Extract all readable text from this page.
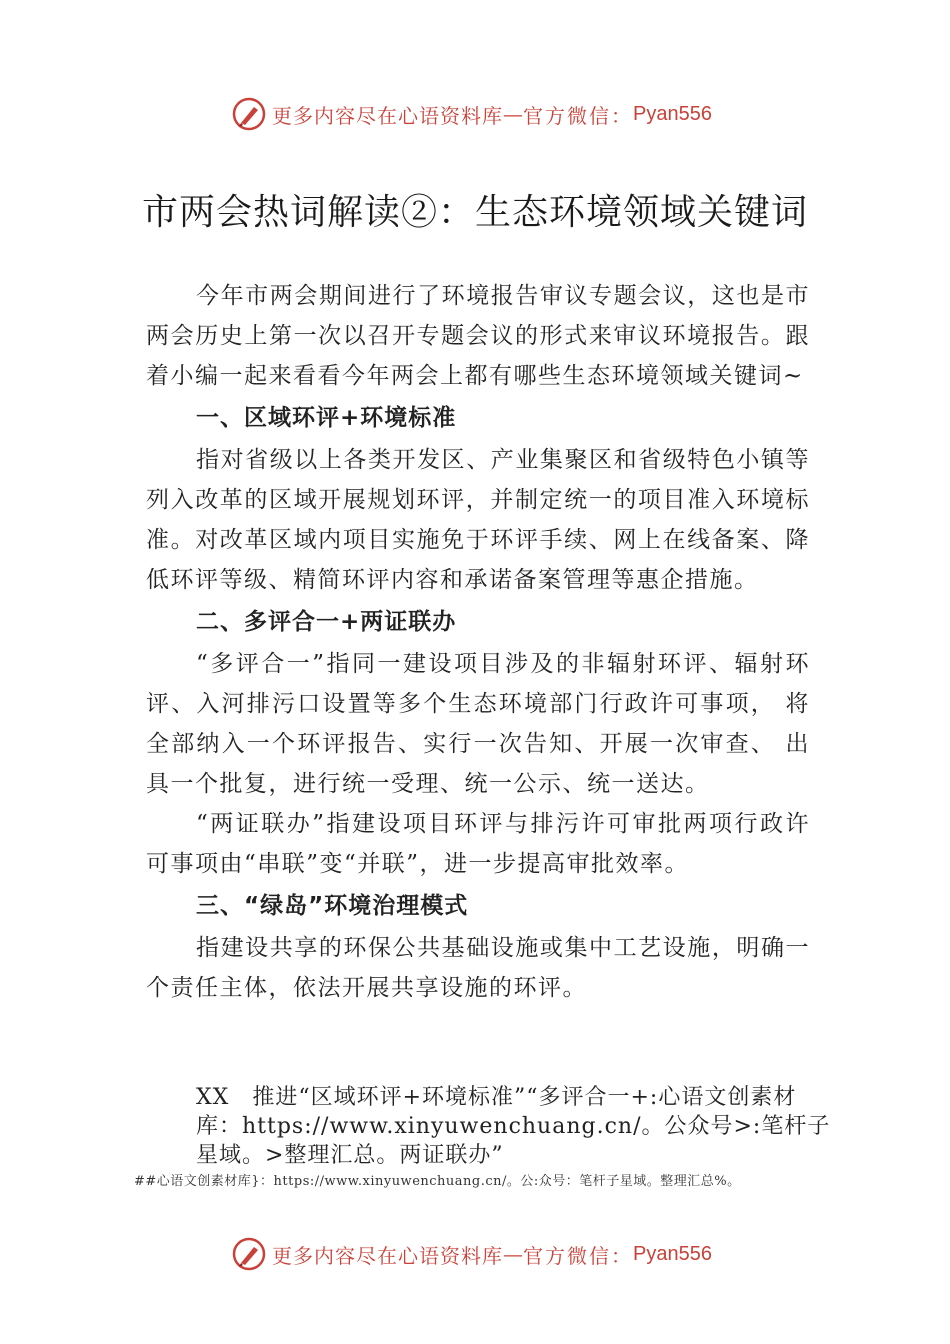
更多内容尽在心语资料库 — 官方微信： Pyan556
市两会热词解读②：生态环境领域关键词

今年市两会期间进行了环境报告审议专题会议，这也是市两会历史上第一次以召开专题会议的形式来审议环境报告。跟着小编一起来看看今年两会上都有哪些生态环境领域关键词~

一、区域环评+环境标准

指对省级以上各类开发区、产业集聚区和省级特色小镇等列入改革的区域开展规划环评，并制定统一的项目准入环境标准。对改革区域内项目实施免于环评手续、网上在线备案、降低环评等级、精简环评内容和承诺备案管理等惠企措施。

二、多评合一+两证联办

“多评合一”指同一建设项目涉及的非辐射环评、辐射环评、入河排污口设置等多个生态环境部门行政许可事项， 将全部纳入一个环评报告、实行一次告知、开展一次审查、 出具一个批复，进行统一受理、统一公示、统一送达。

“两证联办”指建设项目环评与排污许可审批两项行政许可事项由“串联”变“并联”，进一步提高审批效率。

三、“绿岛”环境治理模式

指建设共享的环保公共基础设施或集中工艺设施，明确一个责任主体，依法开展共享设施的环评。

XX　推进“区域环评+环境标准”“多评合一+:心语文创素材库：https://www.xinyuwenchuang.cn/。公众号>:笔杆子星域。>整理汇总。两证联办”
##心语文创素材库}：https://www.xinyuwenchuang.cn/。公:众号：笔杆子星域。整理汇总%。
更多内容尽在心语资料库 — 官方微信： Pyan556
